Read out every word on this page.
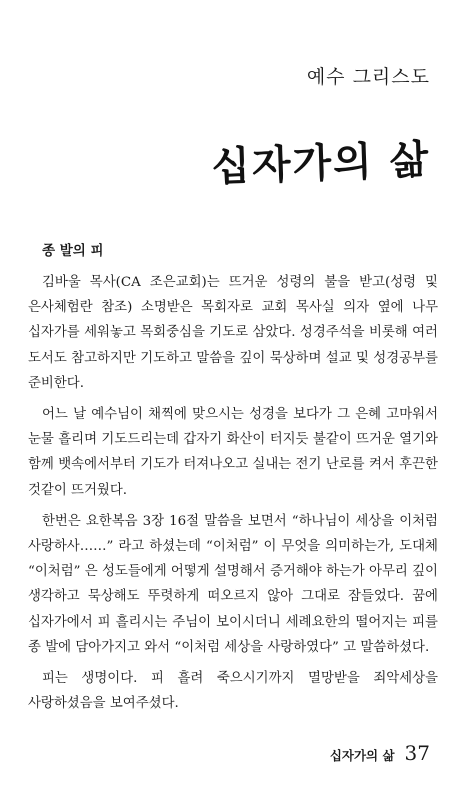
예수 그리스도
십자가의 삶
종 발의 피

김바울 목사(CA 조은교회)는 뜨거운 성령의 불을 받고(성령 및 은사체험란 참조) 소명받은 목회자로 교회 목사실 의자 옆에 나무 십자가를 세워놓고 목회중심을 기도로 삼았다. 성경주석을 비롯해 여러 도서도 참고하지만 기도하고 말씀을 깊이 묵상하며 설교 및 성경공부를 준비한다.

어느 날 예수님이 채찍에 맞으시는 성경을 보다가 그 은혜 고마워서 눈물 흘리며 기도드리는데 갑자기 화산이 터지듯 불같이 뜨거운 열기와 함께 뱃속에서부터 기도가 터져나오고 실내는 전기 난로를 켜서 후끈한 것같이 뜨거웠다.

한번은 요한복음 3장 16절 말씀을 보면서 “하나님이 세상을 이처럼 사랑하사……” 라고 하셨는데 “이처럼” 이 무엇을 의미하는가, 도대체 “이처럼” 은 성도들에게 어떻게 설명해서 증거해야 하는가 아무리 깊이 생각하고 묵상해도 뚜렷하게 떠오르지 않아 그대로 잠들었다. 꿈에 십자가에서 피 흘리시는 주님이 보이시더니 세례요한의 떨어지는 피를 종 발에 담아가지고 와서 “이처럼 세상을 사랑하였다” 고 말씀하셨다.

피는 생명이다. 피 흘려 죽으시기까지 멸망받을 죄악세상을 사랑하셨음을 보여주셨다.

십자가의 삶 37
